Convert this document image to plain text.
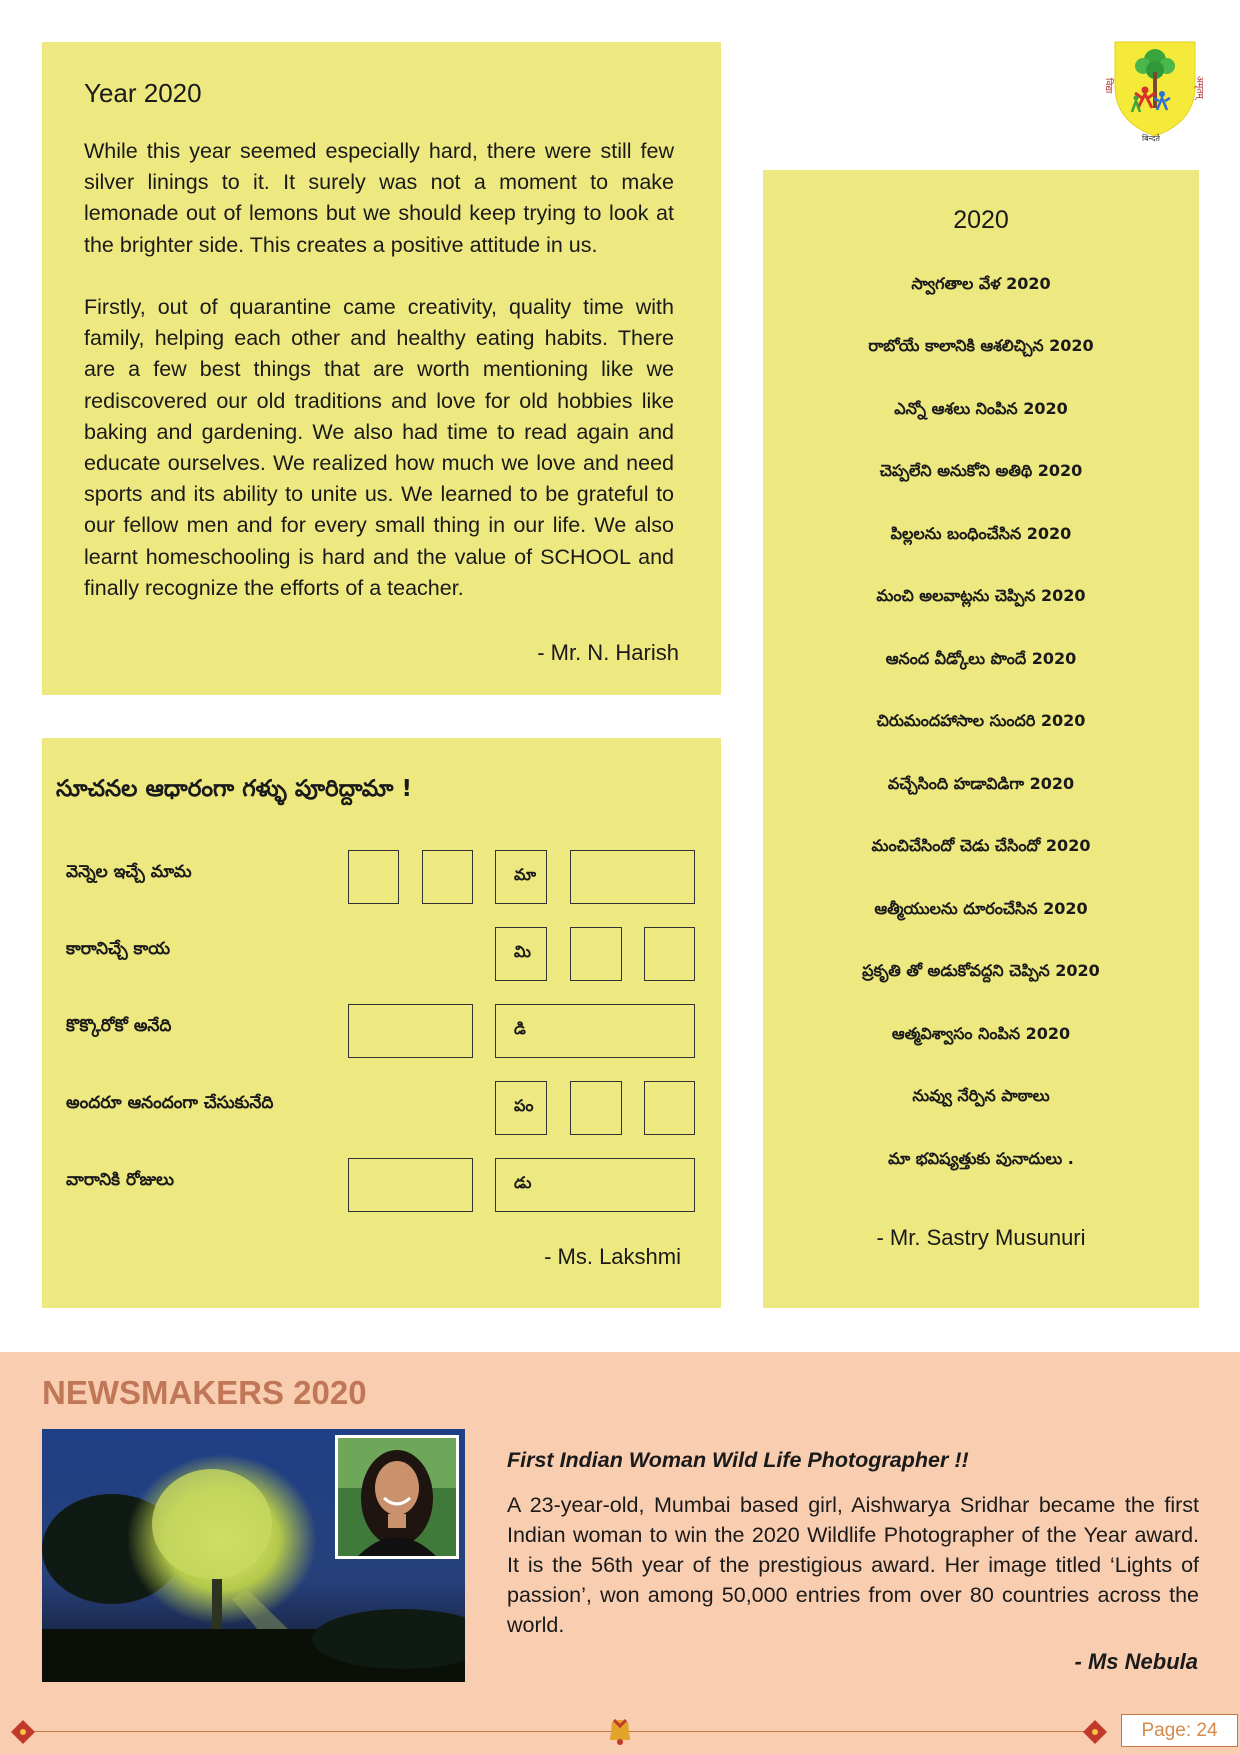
विद्या	अमृतम्
बिन्दते
Year 2020

While this year seemed especially hard, there were still few silver linings to it. It surely was not a moment to make lemonade out of lemons but we should keep trying to look at the brighter side. This creates a positive attitude in us.

Firstly, out of quarantine came creativity, quality time with family, helping each other and healthy eating habits. There are a few best things that are worth mentioning like we rediscovered our old traditions and love for old hobbies like baking and gardening. We also had time to read again and educate ourselves. We realized how much we love and need sports and its ability to unite us. We learned to be grateful to our fellow men and for every small thing in our life. We also learnt homeschooling is hard and the value of SCHOOL and finally recognize the efforts of a teacher.

- Mr. N. Harish
సూచనల ఆధారంగా గళ్ళు పూరిద్దామా !
వెన్నెల ఇచ్చే మామ	మా
కారానిచ్చే కాయ	మి
కొక్కొరోకో అనేది	డి
అందరూ ఆనందంగా చేసుకునేది	పం
వారానికి రోజులు	డు
- Ms. Lakshmi
2020
స్వాగతాల వేళ 2020
రాబోయే కాలానికి ఆశలిచ్చిన 2020
ఎన్నో ఆశలు నింపిన 2020
చెప్పలేని అనుకోని అతిథి 2020
పిల్లలను బంధించేసిన 2020
మంచి అలవాట్లను చెప్పిన 2020
ఆనంద వీడ్కోలు పొందే 2020
చిరుమందహాసాల సుందరి 2020
వచ్చేసింది హడావిడిగా 2020
మంచిచేసిందో చెడు చేసిందో 2020
ఆత్మీయులను దూరంచేసిన 2020
ప్రకృతి తో అడుకోవద్దని చెప్పిన 2020
ఆత్మవిశ్వాసం నింపిన 2020
నువ్వు నేర్పిన పాఠాలు
మా భవిష్యత్తుకు పునాదులు .
- Mr. Sastry Musunuri
NEWSMAKERS 2020
First Indian Woman Wild Life Photographer !!

A 23-year-old, Mumbai based girl, Aishwarya Sridhar became the first Indian woman to win the 2020 Wildlife Photographer of the Year award. It is the 56th year of the prestigious award. Her image titled ‘Lights of passion’, won among 50,000 entries from over 80 countries across the world.

- Ms Nebula
Page: 24
